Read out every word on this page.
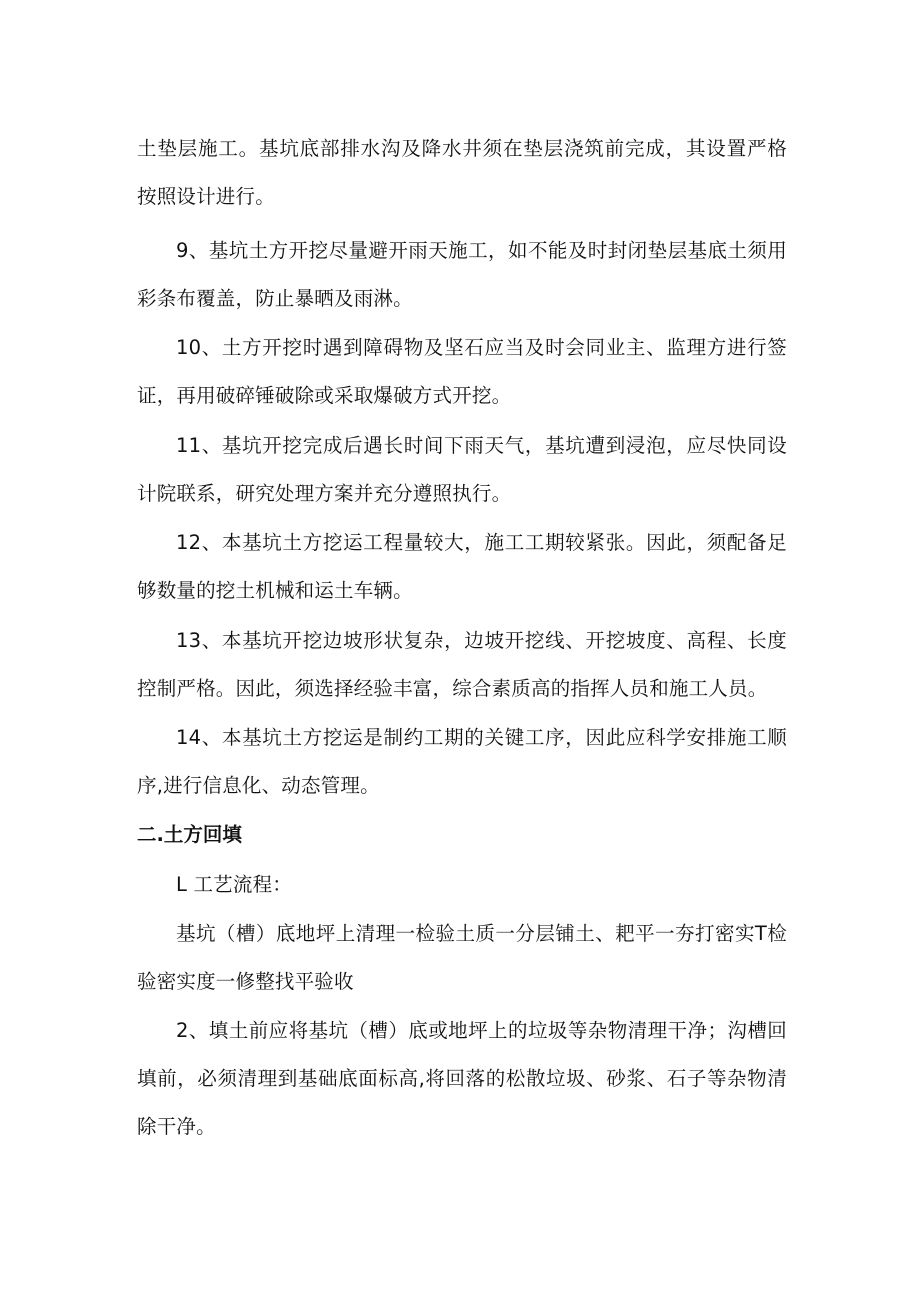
土垫层施工。基坑底部排水沟及降水井须在垫层浇筑前完成，其设置严格按照设计进行。

9、基坑土方开挖尽量避开雨天施工，如不能及时封闭垫层基底土须用彩条布覆盖，防止暴晒及雨淋。

10、土方开挖时遇到障碍物及坚石应当及时会同业主、监理方进行签证，再用破碎锤破除或采取爆破方式开挖。

11、基坑开挖完成后遇长时间下雨天气，基坑遭到浸泡，应尽快同设计院联系，研究处理方案并充分遵照执行。

12、本基坑土方挖运工程量较大，施工工期较紧张。因此，须配备足够数量的挖土机械和运土车辆。

13、本基坑开挖边坡形状复杂，边坡开挖线、开挖坡度、高程、长度控制严格。因此，须选择经验丰富，综合素质高的指挥人员和施工人员。

14、本基坑土方挖运是制约工期的关键工序，因此应科学安排施工顺序,进行信息化、动态管理。

二.土方回填

L 工艺流程：

基坑（槽）底地坪上清理一检验土质一分层铺土、耙平一夯打密实T检验密实度一修整找平验收

2、填土前应将基坑（槽）底或地坪上的垃圾等杂物清理干净；沟槽回填前，必须清理到基础底面标高,将回落的松散垃圾、砂浆、石子等杂物清除干净。
